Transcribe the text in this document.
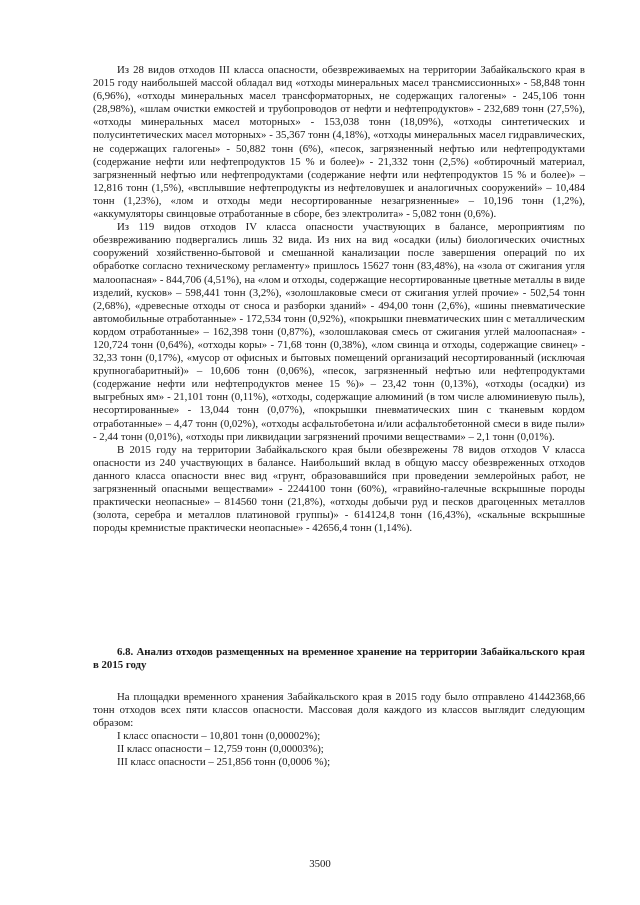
Из 28 видов отходов III класса опасности, обезвреживаемых на территории Забайкальского края в 2015 году наибольшей массой обладал вид «отходы минеральных масел трансмиссионных» - 58,848 тонн (6,96%), «отходы минеральных масел трансформаторных, не содержащих галогены» - 245,106 тонн (28,98%), «шлам очистки емкостей и трубопроводов от нефти и нефтепродуктов» - 232,689 тонн (27,5%), «отходы минеральных масел моторных» - 153,038 тонн (18,09%), «отходы синтетических и полусинтетических масел моторных» - 35,367 тонн (4,18%), «отходы минеральных масел гидравлических, не содержащих галогены» - 50,882 тонн (6%), «песок, загрязненный нефтью или нефтепродуктами (содержание нефти или нефтепродуктов 15 % и более)» - 21,332 тонн (2,5%) «обтирочный материал, загрязненный нефтью или нефтепродуктами (содержание нефти или нефтепродуктов 15 % и более)» – 12,816 тонн (1,5%), «всплывшие нефтепродукты из нефтеловушек и аналогичных сооружений» – 10,484 тонн (1,23%), «лом и отходы меди несортированные незагрязненные» – 10,196 тонн (1,2%), «аккумуляторы свинцовые отработанные в сборе, без электролита» - 5,082 тонн (0,6%).

Из 119 видов отходов IV класса опасности участвующих в балансе, мероприятиям по обезвреживанию подвергались лишь 32 вида. Из них на вид «осадки (илы) биологических очистных сооружений хозяйственно-бытовой и смешанной канализации после завершения операций по их обработке согласно техническому регламенту» пришлось 15627 тонн (83,48%), на «зола от сжигания угля малоопасная» - 844,706 (4,51%), на «лом и отходы, содержащие несортированные цветные металлы в виде изделий, кусков» – 598,441 тонн (3,2%), «золошлаковые смеси от сжигания углей прочие» - 502,54 тонн (2,68%), «древесные отходы от сноса и разборки зданий» - 494,00 тонн (2,6%), «шины пневматические автомобильные отработанные» - 172,534 тонн (0,92%), «покрышки пневматических шин с металлическим кордом отработанные» – 162,398 тонн (0,87%), «золошлаковая смесь от сжигания углей малоопасная» - 120,724 тонн (0,64%), «отходы коры» - 71,68 тонн (0,38%), «лом свинца и отходы, содержащие свинец» - 32,33 тонн (0,17%), «мусор от офисных и бытовых помещений организаций несортированный (исключая крупногабаритный)» – 10,606 тонн (0,06%), «песок, загрязненный нефтью или нефтепродуктами (содержание нефти или нефтепродуктов менее 15 %)» – 23,42 тонн (0,13%), «отходы (осадки) из выгребных ям» - 21,101 тонн (0,11%), «отходы, содержащие алюминий (в том числе алюминиевую пыль), несортированные» - 13,044 тонн (0,07%), «покрышки пневматических шин с тканевым кордом отработанные» – 4,47 тонн (0,02%), «отходы асфальтобетона и/или асфальтобетонной смеси в виде пыли» - 2,44 тонн (0,01%), «отходы при ликвидации загрязнений прочими веществами» – 2,1 тонн (0,01%).

В 2015 году на территории Забайкальского края были обезврежены 78 видов отходов V класса опасности из 240 участвующих в балансе. Наибольший вклад в общую массу обезвреженных отходов данного класса опасности внес вид «грунт, образовавшийся при проведении землеройных работ, не загрязненный опасными веществами» - 2244100 тонн (60%), «гравийно-галечные вскрышные породы практически неопасные» – 814560 тонн (21,8%), «отходы добычи руд и песков драгоценных металлов (золота, серебра и металлов платиновой группы)» - 614124,8 тонн (16,43%), «скальные вскрышные породы кремнистые практически неопасные» - 42656,4 тонн (1,14%).

6.8. Анализ отходов размещенных на временное хранение на территории Забайкальского края в 2015 году

На площадки временного хранения Забайкальского края в 2015 году было отправлено 41442368,66 тонн отходов всех пяти классов опасности. Массовая доля каждого из классов выглядит следующим образом:

I класс опасности – 10,801 тонн (0,00002%);

II класс опасности – 12,759 тонн (0,00003%);

III класс опасности – 251,856 тонн (0,0006 %);

3500
